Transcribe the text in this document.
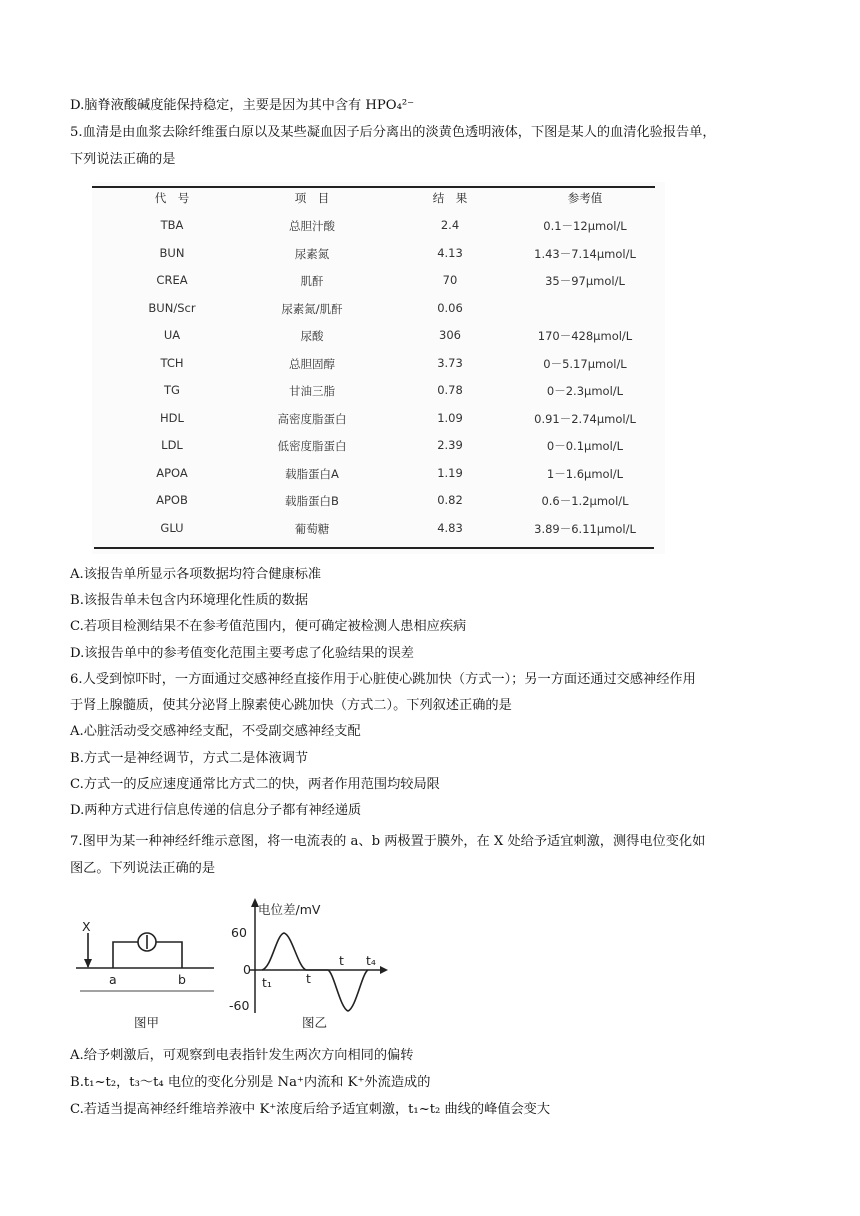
D.脑脊液酸碱度能保持稳定，主要是因为其中含有 HPO₄²⁻
5.血清是由血浆去除纤维蛋白原以及某些凝血因子后分离出的淡黄色透明液体，下图是某人的血清化验报告单，
下列说法正确的是
代　号	项　目	结　果	参考值
TBA	总胆汁酸	2.4	0.1－12μmol/L
BUN	尿素氮	4.13	1.43－7.14μmol/L
CREA	肌酐	70	35－97μmol/L
BUN/Scr	尿素氮/肌酐	0.06
UA	尿酸	306	170－428μmol/L
TCH	总胆固醇	3.73	0－5.17μmol/L
TG	甘油三脂	0.78	0－2.3μmol/L
HDL	高密度脂蛋白	1.09	0.91－2.74μmol/L
LDL	低密度脂蛋白	2.39	0－0.1μmol/L
APOA	载脂蛋白A	1.19	1－1.6μmol/L
APOB	载脂蛋白B	0.82	0.6－1.2μmol/L
GLU	葡萄糖	4.83	3.89－6.11μmol/L
A.该报告单所显示各项数据均符合健康标准
B.该报告单未包含内环境理化性质的数据
C.若项目检测结果不在参考值范围内，便可确定被检测人患相应疾病
D.该报告单中的参考值变化范围主要考虑了化验结果的误差
6.人受到惊吓时，一方面通过交感神经直接作用于心脏使心跳加快（方式一）；另一方面还通过交感神经作用
于肾上腺髓质，使其分泌肾上腺素使心跳加快（方式二）。下列叙述正确的是
A.心脏活动受交感神经支配，不受副交感神经支配
B.方式一是神经调节，方式二是体液调节
C.方式一的反应速度通常比方式二的快，两者作用范围均较局限
D.两种方式进行信息传递的信息分子都有神经递质
7.图甲为某一种神经纤维示意图，将一电流表的 a、b 两极置于膜外，在 X 处给予适宜刺激，测得电位变化如
图乙。下列说法正确的是
X
a	b
图甲
电位差/mV
60
0
-60
t₁	t
t t₄
图乙
A.给予刺激后，可观察到电表指针发生两次方向相同的偏转
B.t₁~t₂，t₃～t₄ 电位的变化分别是 Na⁺内流和 K⁺外流造成的
C.若适当提高神经纤维培养液中 K⁺浓度后给予适宜刺激，t₁~t₂ 曲线的峰值会变大
